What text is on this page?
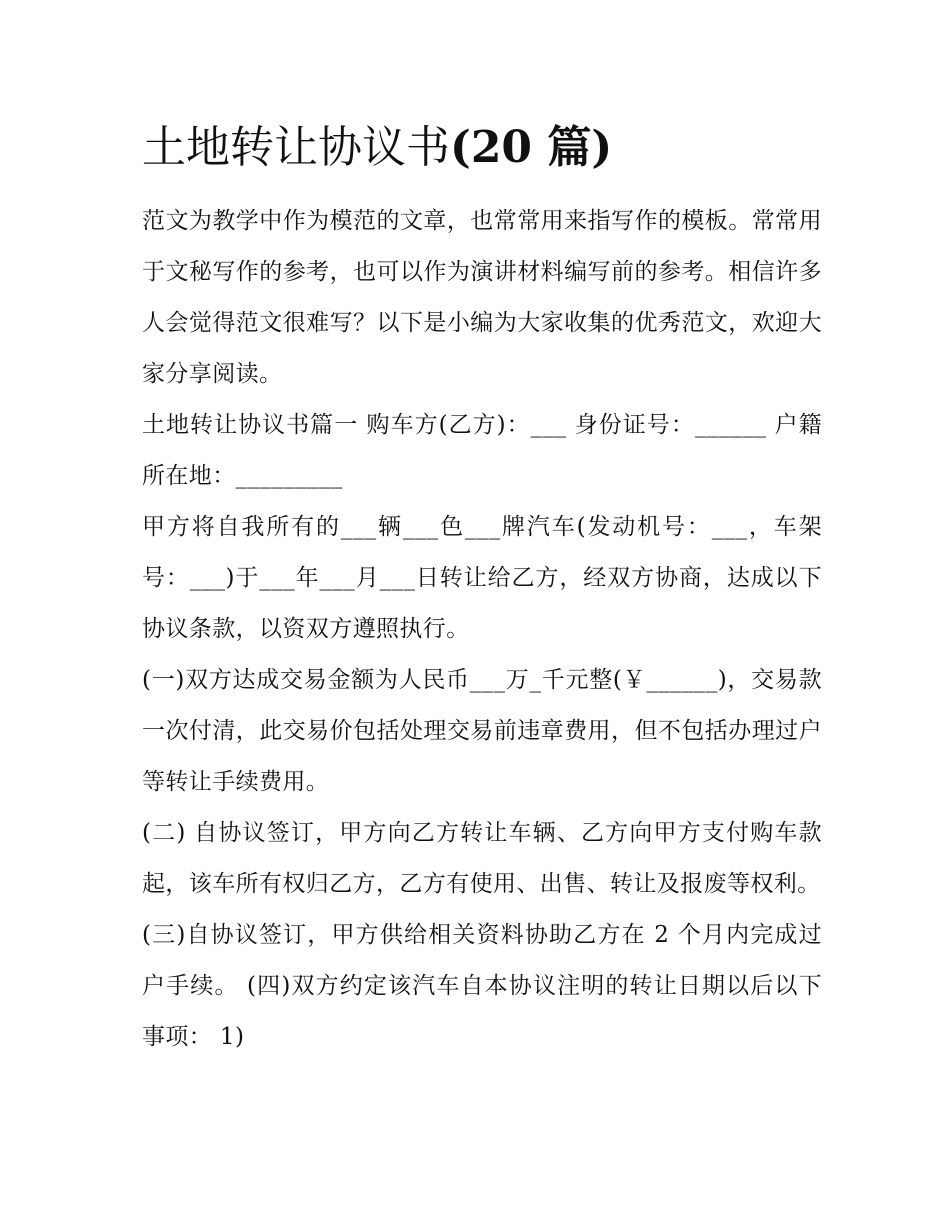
土地转让协议书(20 篇)

范文为教学中作为模范的文章，也常常用来指写作的模板。常常用于文秘写作的参考，也可以作为演讲材料编写前的参考。相信许多人会觉得范文很难写？以下是小编为大家收集的优秀范文，欢迎大家分享阅读。

土地转让协议书篇一 购车方(乙方)：___ 身份证号：______ 户籍所在地：_________

甲方将自我所有的___辆___色___牌汽车(发动机号：___，车架号：___)于___年___月___日转让给乙方，经双方协商，达成以下协议条款，以资双方遵照执行。

(一)双方达成交易金额为人民币___万_千元整(￥______)，交易款一次付清，此交易价包括处理交易前违章费用，但不包括办理过户等转让手续费用。

(二) 自协议签订，甲方向乙方转让车辆、乙方向甲方支付购车款起，该车所有权归乙方，乙方有使用、出售、转让及报废等权利。

(三)自协议签订，甲方供给相关资料协助乙方在 2 个月内完成过户手续。 (四)双方约定该汽车自本协议注明的转让日期以后以下事项： 1)
